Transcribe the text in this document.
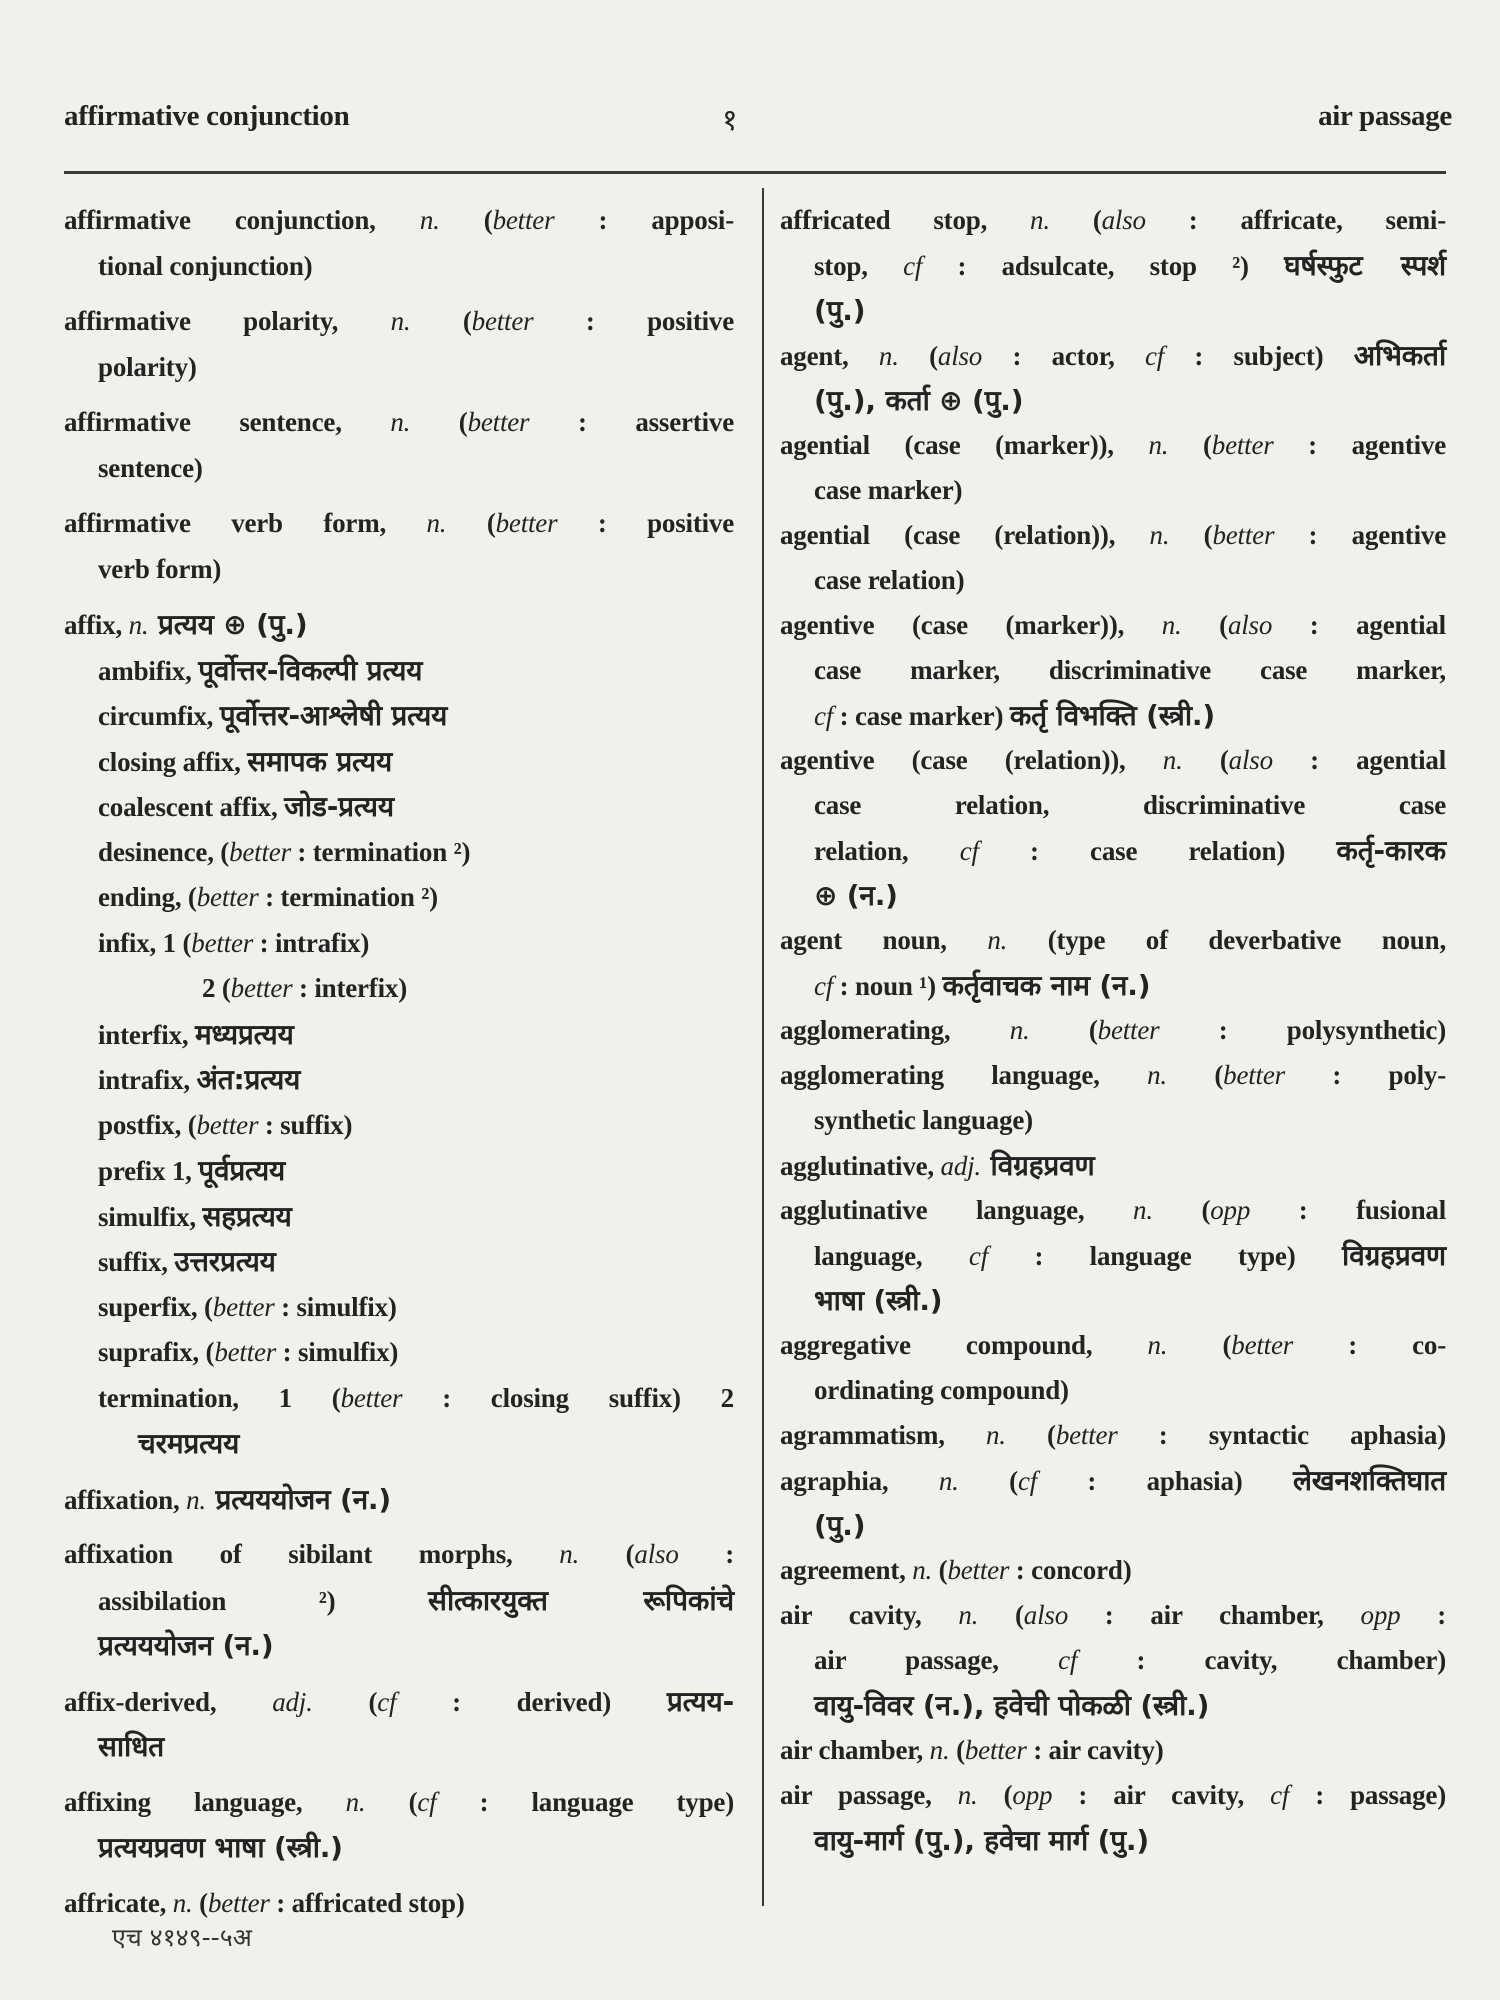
affirmative conjunction	१	air passage
affirmative conjunction, n. (better : apposi-
tional conjunction)
affirmative polarity, n. (better : positive
polarity)
affirmative sentence, n. (better : assertive
sentence)
affirmative verb form, n. (better : positive
verb form)
affix, n. प्रत्यय ⊕ (पु.)
ambifix, पूर्वोत्तर-विकल्पी प्रत्यय
circumfix, पूर्वोत्तर-आश्लेषी प्रत्यय
closing affix, समापक प्रत्यय
coalescent affix, जोड-प्रत्यय
desinence, (better : termination ²)
ending, (better : termination ²)
infix, 1 (better : intrafix)
2 (better : interfix)
interfix, मध्यप्रत्यय
intrafix, अंत:प्रत्यय
postfix, (better : suffix)
prefix 1, पूर्वप्रत्यय
simulfix, सहप्रत्यय
suffix, उत्तरप्रत्यय
superfix, (better : simulfix)
suprafix, (better : simulfix)
termination, 1 (better : closing suffix) 2
चरमप्रत्यय
affixation, n. प्रत्यययोजन (न.)
affixation of sibilant morphs, n. (also :
assibilation ²) सीत्कारयुक्त रूपिकांचे
प्रत्यययोजन (न.)
affix-derived, adj. (cf : derived) प्रत्यय-
साधित
affixing language, n. (cf : language type)
प्रत्ययप्रवण भाषा (स्त्री.)
affricate, n. (better : affricated stop)
affricated stop, n. (also : affricate, semi-
stop, cf : adsulcate, stop ²) घर्षस्फुट स्पर्श
(पु.)
agent, n. (also : actor, cf : subject) अभिकर्ता
(पु.), कर्ता ⊕ (पु.)
agential (case (marker)), n. (better : agentive
case marker)
agential (case (relation)), n. (better : agentive
case relation)
agentive (case (marker)), n. (also : agential
case marker, discriminative case marker,
cf : case marker) कर्तृ विभक्ति (स्त्री.)
agentive (case (relation)), n. (also : agential
case relation, discriminative case
relation, cf : case relation) कर्तृ-कारक
⊕ (न.)
agent noun, n. (type of deverbative noun,
cf : noun ¹) कर्तृवाचक नाम (न.)
agglomerating, n. (better : polysynthetic)
agglomerating language, n. (better : poly-
synthetic language)
agglutinative, adj. विग्रहप्रवण
agglutinative language, n. (opp : fusional
language, cf : language type) विग्रहप्रवण
भाषा (स्त्री.)
aggregative compound, n. (better : co-
ordinating compound)
agrammatism, n. (better : syntactic aphasia)
agraphia, n. (cf : aphasia) लेखनशक्तिघात
(पु.)
agreement, n. (better : concord)
air cavity, n. (also : air chamber, opp :
air passage, cf : cavity, chamber)
वायु-विवर (न.), हवेची पोकळी (स्त्री.)
air chamber, n. (better : air cavity)
air passage, n. (opp : air cavity, cf : passage)
वायु-मार्ग (पु.), हवेचा मार्ग (पु.)
एच ४१४९--५अ
